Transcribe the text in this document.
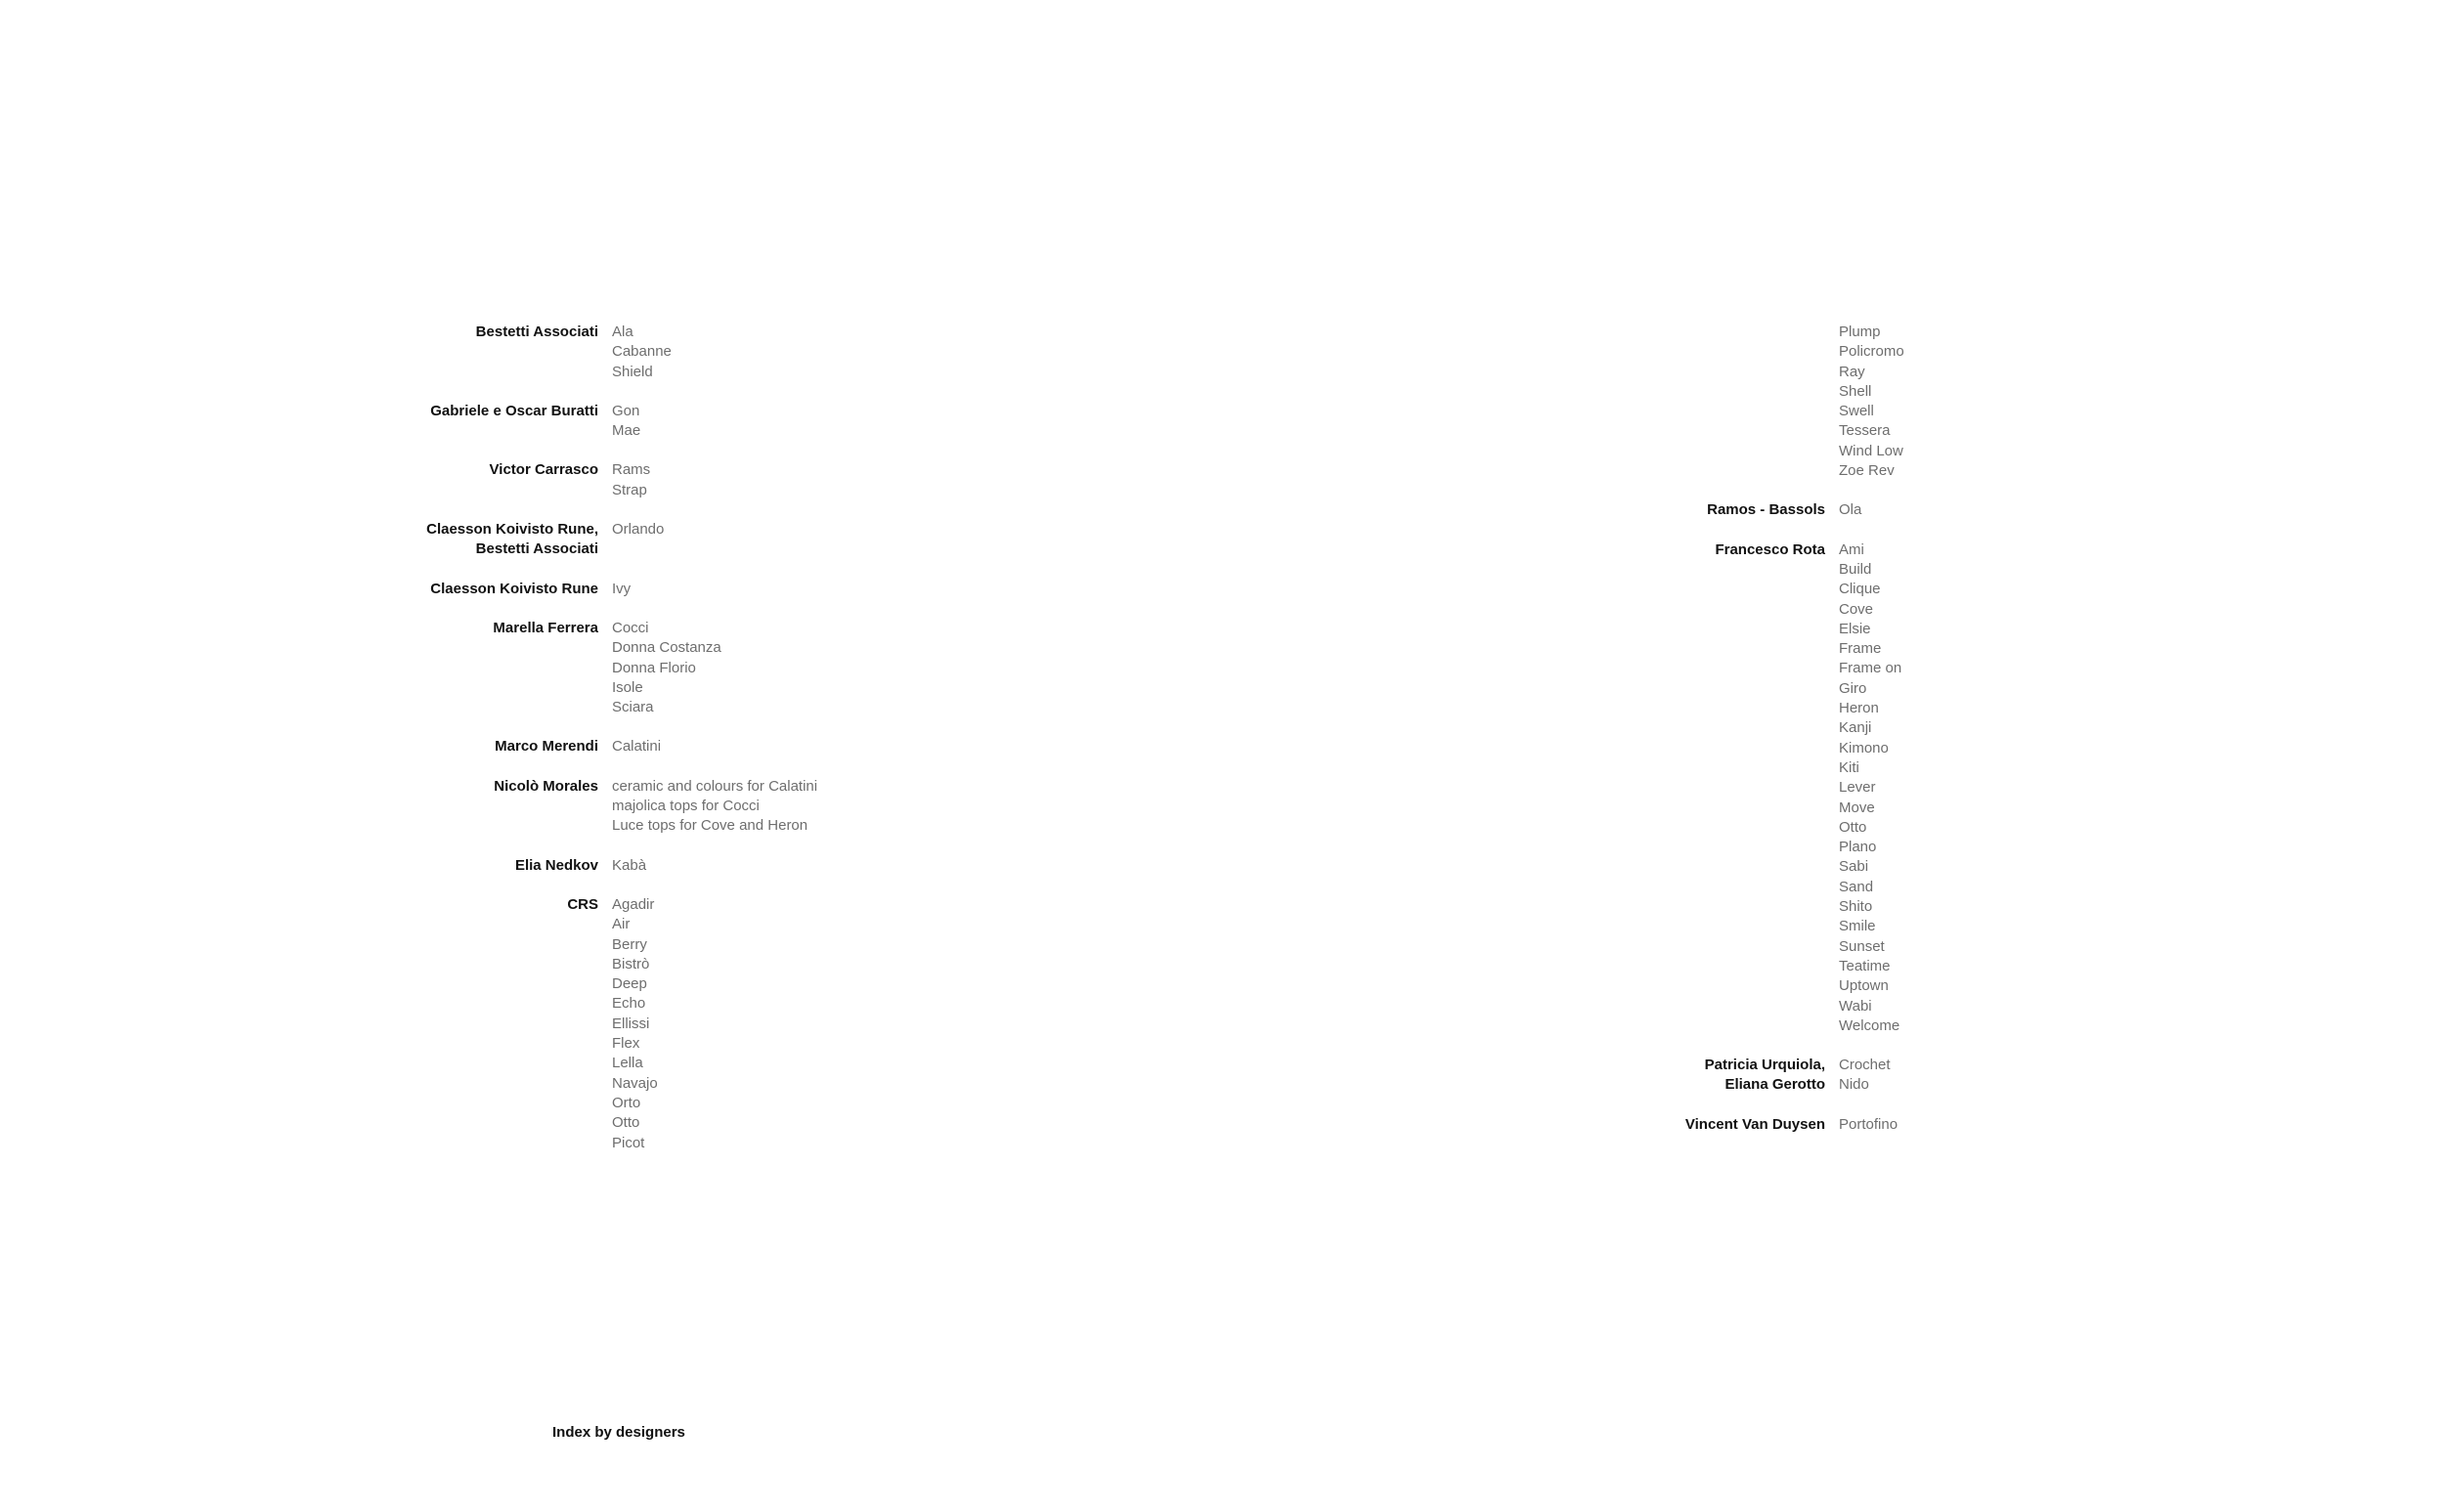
Bestetti Associati Ala
Cabanne
Shield
Gabriele e Oscar Buratti Gon
Mae
Victor Carrasco Rams
Strap
Claesson Koivisto Rune,
Bestetti Associati
Orlando
Claesson Koivisto Rune Ivy
Marella Ferrera Cocci
Donna Costanza
Donna Florio
Isole
Sciara
Marco Merendi Calatini
Nicolò Morales ceramic and colours for Calatini
majolica tops for Cocci
Luce tops for Cove and Heron
Elia Nedkov Kabà
CRS Agadir
Air
Berry
Bistrò
Deep
Echo
Ellissi
Flex
Lella
Navajo
Orto
Otto
Picot
Plump
Policromo
Ray
Shell
Swell
Tessera
Wind Low
Zoe Rev
Ramos - Bassols Ola
Francesco Rota Ami
Build
Clique
Cove
Elsie
Frame
Frame on
Giro
Heron
Kanji
Kimono
Kiti
Lever
Move
Otto
Plano
Sabi
Sand
Shito
Smile
Sunset
Teatime
Uptown
Wabi
Welcome
Patricia Urquiola,
Eliana Gerotto
Crochet
Nido
Vincent Van Duysen Portofino
Index by designers
